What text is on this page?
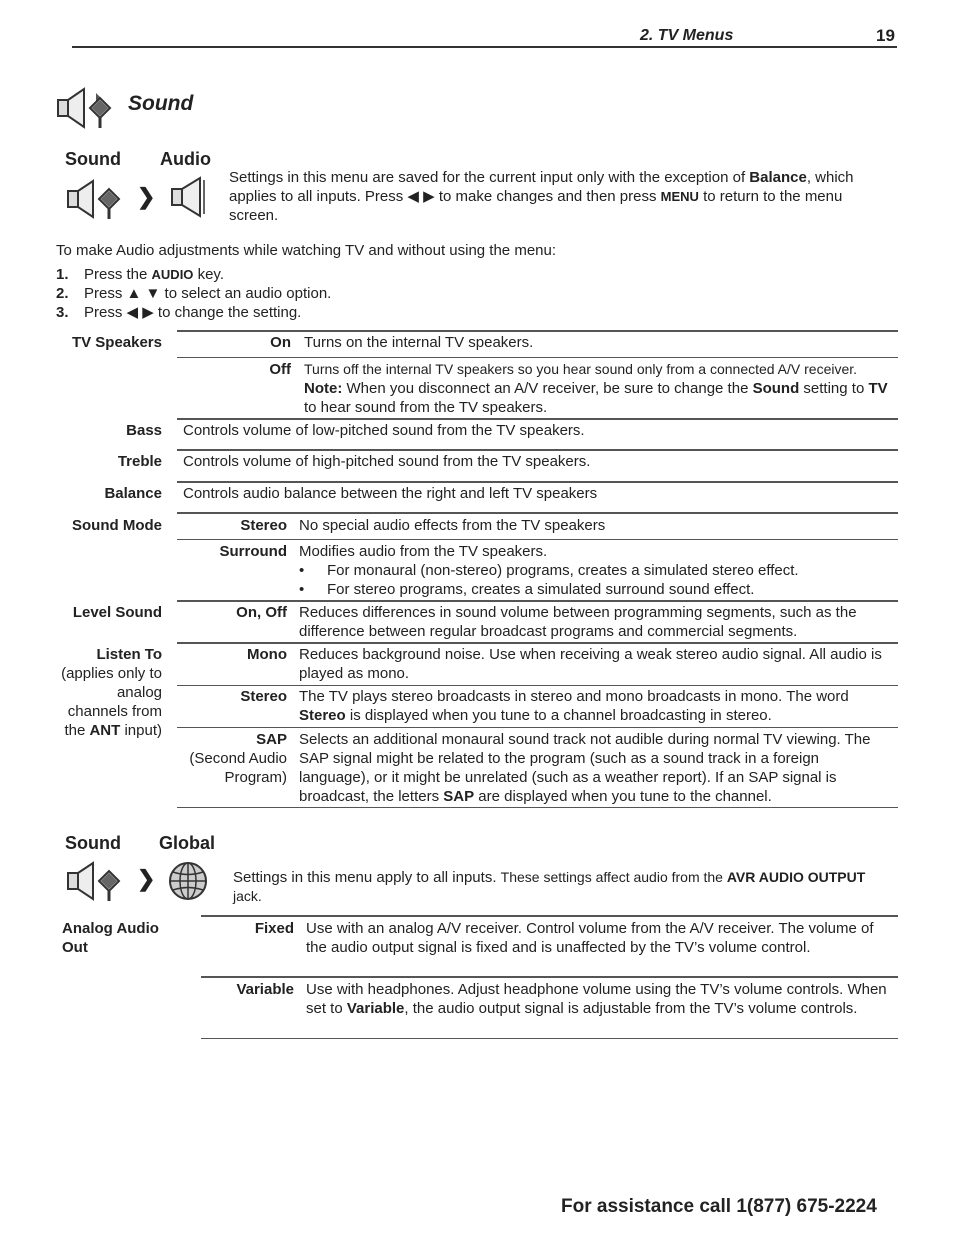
2. TV Menus	19
Sound
Sound Audio
❯
Settings in this menu are saved for the current input only with the exception of Balance, which applies to all inputs. Press ◀ ▶ to make changes and then press MENU to return to the menu screen.
To make Audio adjustments while watching TV and without using the menu:
1. Press the AUDIO key.
2. Press ▲ ▼ to select an audio option.
3. Press ◀ ▶ to change the setting.
TV Speakers	On Turns on the internal TV speakers.
Off Turns off the internal TV speakers so you hear sound only from a connected A/V receiver.
Note: When you disconnect an A/V receiver, be sure to change the Sound setting to TV to hear sound from the TV speakers.
Bass Controls volume of low-pitched sound from the TV speakers.
Treble Controls volume of high-pitched sound from the TV speakers.
Balance Controls audio balance between the right and left TV speakers
Sound Mode	Stereo No special audio effects from the TV speakers
Surround Modifies audio from the TV speakers.
• For monaural (non-stereo) programs, creates a simulated stereo effect.
• For stereo programs, creates a simulated surround sound effect.
Level Sound	On, Off Reduces differences in sound volume between programming segments, such as the difference between regular broadcast programs and commercial segments.
Listen To
(applies only to analog channels from the ANT input)
Mono Reduces background noise. Use when receiving a weak stereo audio signal. All audio is played as mono.
Stereo The TV plays stereo broadcasts in stereo and mono broadcasts in mono. The word Stereo is displayed when you tune to a channel broadcasting in stereo.
SAP
(Second Audio Program)
Selects an additional monaural sound track not audible during normal TV viewing. The SAP signal might be related to the program (such as a sound track in a foreign language), or it might be unrelated (such as a weather report). If an SAP signal is broadcast, the letters SAP are displayed when you tune to the channel.
Sound Global
❯	Settings in this menu apply to all inputs. These settings affect audio from the AVR AUDIO OUTPUT jack.
Analog Audio Out
Fixed Use with an analog A/V receiver. Control volume from the A/V receiver. The volume of the audio output signal is fixed and is unaffected by the TV’s volume control.
Variable Use with headphones. Adjust headphone volume using the TV’s volume controls. When set to Variable, the audio output signal is adjustable from the TV’s volume controls.
For assistance call 1(877) 675-2224
